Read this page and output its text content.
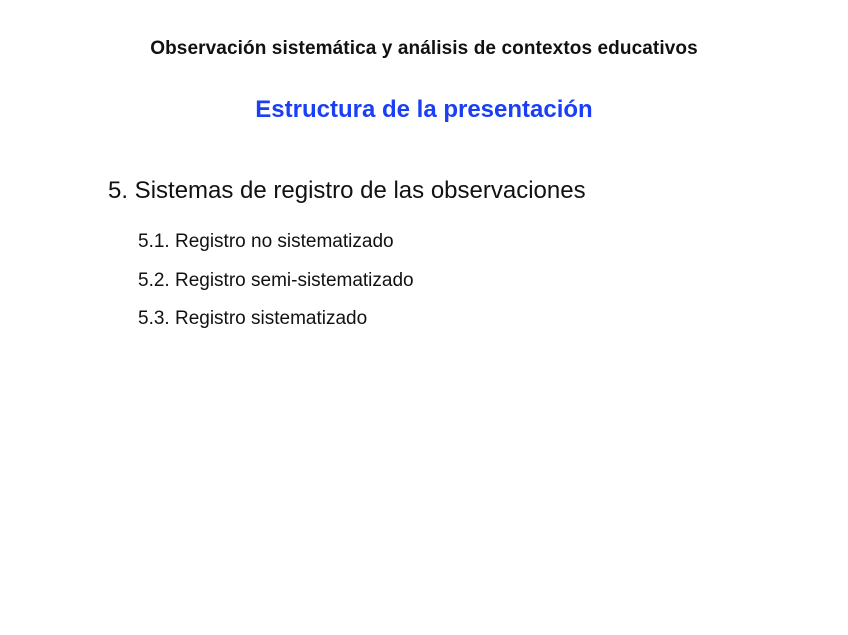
Observación sistemática y análisis de contextos educativos
Estructura de la presentación
5. Sistemas de registro de las observaciones
5.1. Registro no sistematizado
5.2. Registro semi-sistematizado
5.3. Registro sistematizado
